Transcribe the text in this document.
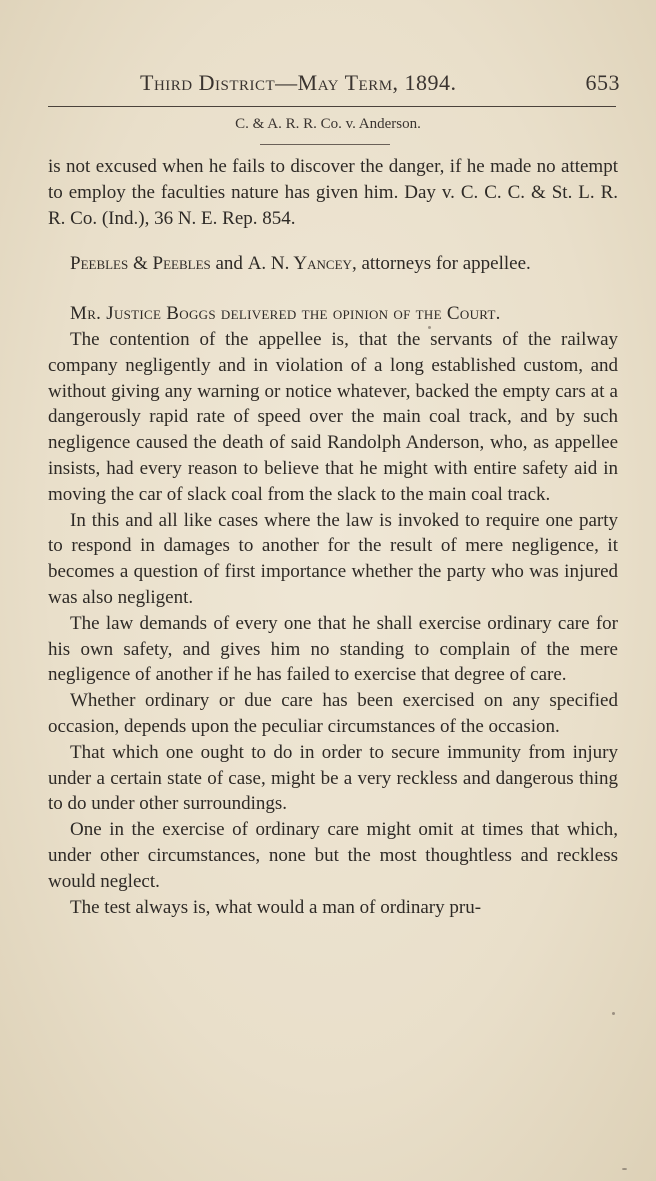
Third District—May Term, 1894.	653
C. & A. R. R. Co. v. Anderson.

is not excused when he fails to discover the danger, if he made no attempt to employ the faculties nature has given him. Day v. C. C. C. & St. L. R. R. Co. (Ind.), 36 N. E. Rep. 854.

Peebles & Peebles and A. N. Yancey, attorneys for appellee.

Mr. Justice Boggs delivered the opinion of the Court.

The contention of the appellee is, that the servants of the railway company negligently and in violation of a long established custom, and without giving any warning or notice whatever, backed the empty cars at a dangerously rapid rate of speed over the main coal track, and by such negligence caused the death of said Randolph Anderson, who, as appellee insists, had every reason to believe that he might with entire safety aid in moving the car of slack coal from the slack to the main coal track.

In this and all like cases where the law is invoked to require one party to respond in damages to another for the result of mere negligence, it becomes a question of first importance whether the party who was injured was also negligent.

The law demands of every one that he shall exercise ordinary care for his own safety, and gives him no standing to complain of the mere negligence of another if he has failed to exercise that degree of care.

Whether ordinary or due care has been exercised on any specified occasion, depends upon the peculiar circumstances of the occasion.

That which one ought to do in order to secure immunity from injury under a certain state of case, might be a very reckless and dangerous thing to do under other surroundings.

One in the exercise of ordinary care might omit at times that which, under other circumstances, none but the most thoughtless and reckless would neglect.

The test always is, what would a man of ordinary pru-
